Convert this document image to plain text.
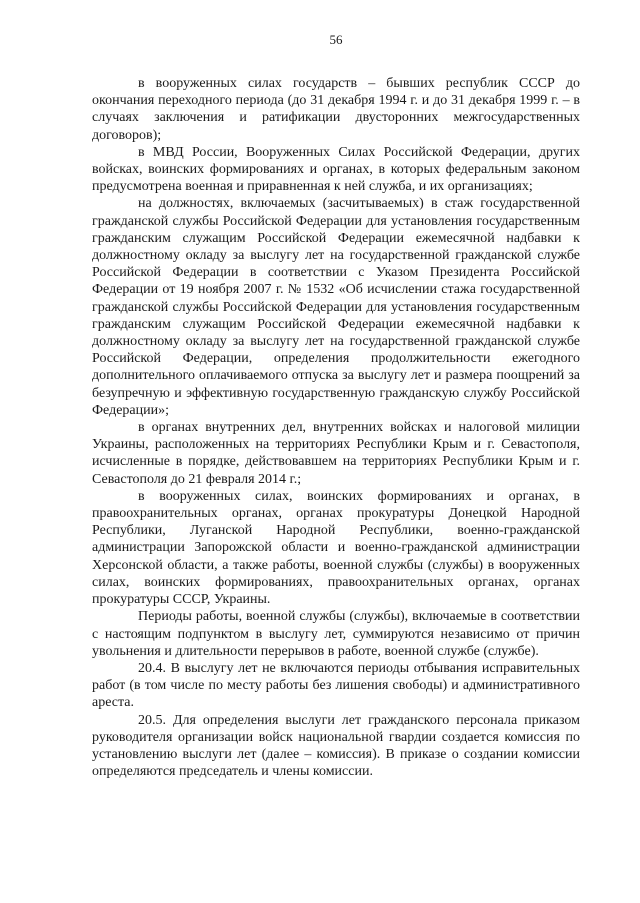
56

в вооруженных силах государств – бывших республик СССР до окончания переходного периода (до 31 декабря 1994 г. и до 31 декабря 1999 г. – в случаях заключения и ратификации двусторонних межгосударственных договоров);

в МВД России, Вооруженных Силах Российской Федерации, других войсках, воинских формированиях и органах, в которых федеральным законом предусмотрена военная и приравненная к ней служба, и их организациях;

на должностях, включаемых (засчитываемых) в стаж государственной гражданской службы Российской Федерации для установления государственным гражданским служащим Российской Федерации ежемесячной надбавки к должностному окладу за выслугу лет на государственной гражданской службе Российской Федерации в соответствии с Указом Президента Российской Федерации от 19 ноября 2007 г. № 1532 «Об исчислении стажа государственной гражданской службы Российской Федерации для установления государственным гражданским служащим Российской Федерации ежемесячной надбавки к должностному окладу за выслугу лет на государственной гражданской службе Российской Федерации, определения продолжительности ежегодного дополнительного оплачиваемого отпуска за выслугу лет и размера поощрений за безупречную и эффективную государственную гражданскую службу Российской Федерации»;

в органах внутренних дел, внутренних войсках и налоговой милиции Украины, расположенных на территориях Республики Крым и г. Севастополя, исчисленные в порядке, действовавшем на территориях Республики Крым и г. Севастополя до 21 февраля 2014 г.;

в вооруженных силах, воинских формированиях и органах, в правоохранительных органах, органах прокуратуры Донецкой Народной Республики, Луганской Народной Республики, военно-гражданской администрации Запорожской области и военно-гражданской администрации Херсонской области, а также работы, военной службы (службы) в вооруженных силах, воинских формированиях, правоохранительных органах, органах прокуратуры СССР, Украины.

Периоды работы, военной службы (службы), включаемые в соответствии с настоящим подпунктом в выслугу лет, суммируются независимо от причин увольнения и длительности перерывов в работе, военной службе (службе).

20.4. В выслугу лет не включаются периоды отбывания исправительных работ (в том числе по месту работы без лишения свободы) и административного ареста.

20.5. Для определения выслуги лет гражданского персонала приказом руководителя организации войск национальной гвардии создается комиссия по установлению выслуги лет (далее – комиссия). В приказе о создании комиссии определяются председатель и члены комиссии.
